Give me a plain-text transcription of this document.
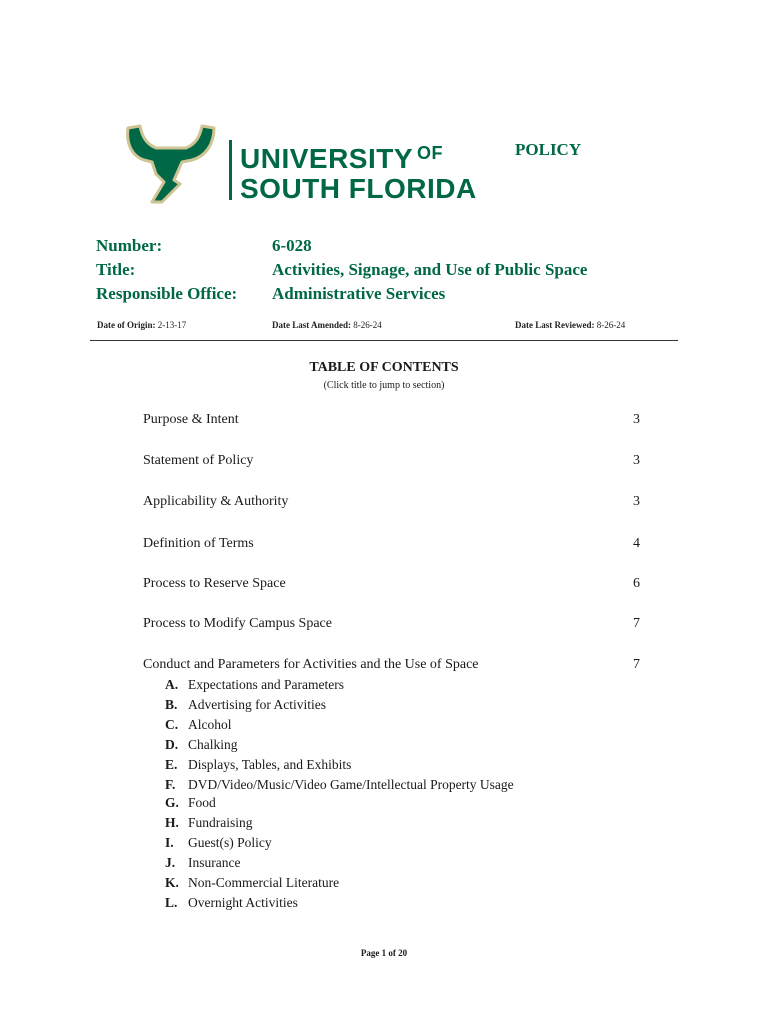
UNIVERSITY $^{OF}$
SOUTH FLORIDA
POLICY
Number:	6-028
Title:	Activities, Signage, and Use of Public Space
Responsible Office: Administrative Services
Date of Origin: 2-13-17	Date Last Amended: 8-26-24	Date Last Reviewed: 8-26-24
TABLE OF CONTENTS
(Click title to jump to section)
Purpose & Intent	3
Statement of Policy	3
Applicability & Authority	3
Definition of Terms	4
Process to Reserve Space	6
Process to Modify Campus Space	7
Conduct and Parameters for Activities and the Use of Space	7
A. Expectations and Parameters
B. Advertising for Activities
C. Alcohol
D. Chalking
E. Displays, Tables, and Exhibits
F. DVD/Video/Music/Video Game/Intellectual Property Usage
G. Food
H. Fundraising
I.	Guest(s) Policy
J. Insurance
K. Non-Commercial Literature
L. Overnight Activities
Page 1 of 20
